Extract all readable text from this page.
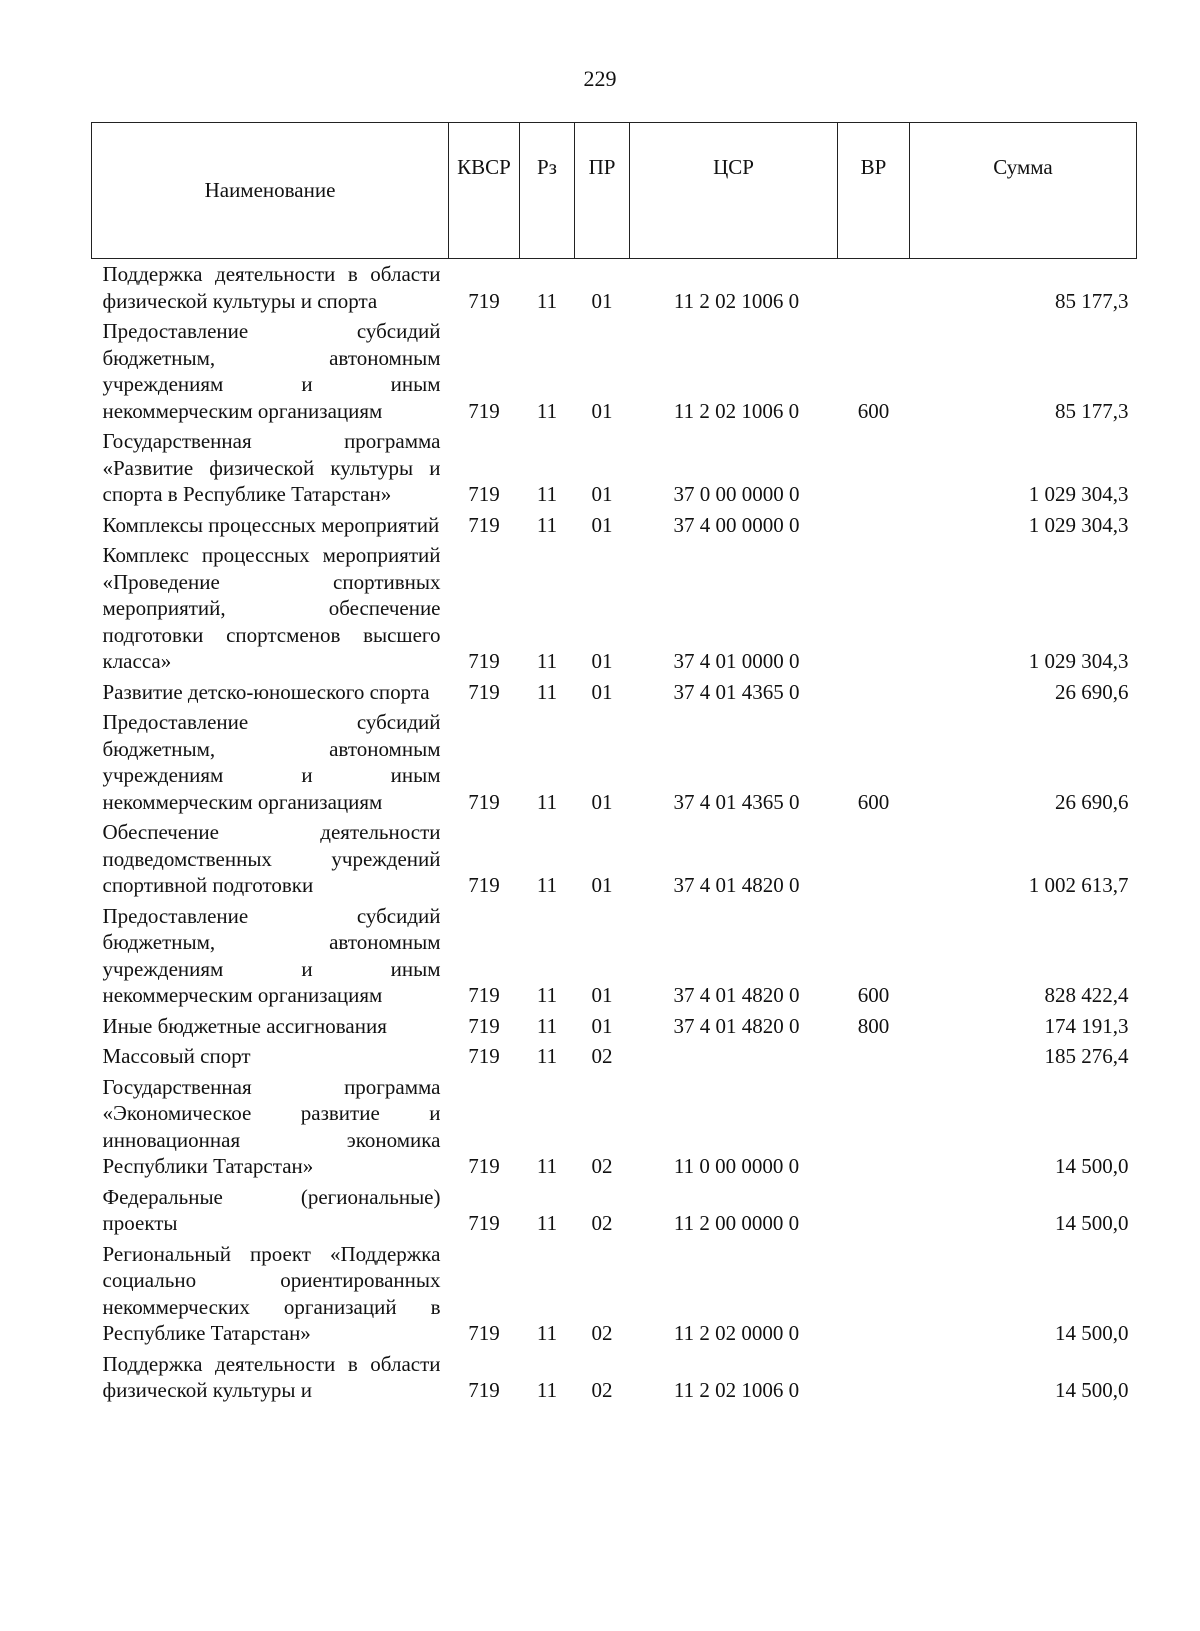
229
Наименование	КВСР	Рз	ПР	ЦСР	ВР	Сумма
Поддержка деятельности в области физической культуры и спорта	719	11	01	11 2 02 1006 0		85 177,3
Предоставление субсидий бюджетным, автономным учреждениям и иным некоммерческим организациям	719	11	01	11 2 02 1006 0	600	85 177,3
Государственная программа «Развитие физической культуры и спорта в Республике Татарстан»	719	11	01	37 0 00 0000 0		1 029 304,3
Комплексы процессных мероприятий	719	11	01	37 4 00 0000 0		1 029 304,3
Комплекс процессных мероприятий «Проведение спортивных мероприятий, обеспечение подготовки спортсменов высшего класса»	719	11	01	37 4 01 0000 0		1 029 304,3
Развитие детско-юношеского спорта	719	11	01	37 4 01 4365 0		26 690,6
Предоставление субсидий бюджетным, автономным учреждениям и иным некоммерческим организациям	719	11	01	37 4 01 4365 0	600	26 690,6
Обеспечение деятельности подведомственных учреждений спортивной подготовки	719	11	01	37 4 01 4820 0		1 002 613,7
Предоставление субсидий бюджетным, автономным учреждениям и иным некоммерческим организациям	719	11	01	37 4 01 4820 0	600	828 422,4
Иные бюджетные ассигнования	719	11	01	37 4 01 4820 0	800	174 191,3
Массовый спорт	719	11	02			185 276,4
Государственная программа «Экономическое развитие и инновационная экономика Республики Татарстан»	719	11	02	11 0 00 0000 0		14 500,0
Федеральные (региональные) проекты	719	11	02	11 2 00 0000 0		14 500,0
Региональный проект «Поддержка социально ориентированных некоммерческих организаций в Республике Татарстан»	719	11	02	11 2 02 0000 0		14 500,0
Поддержка деятельности в области физической культуры и	719	11	02	11 2 02 1006 0		14 500,0
